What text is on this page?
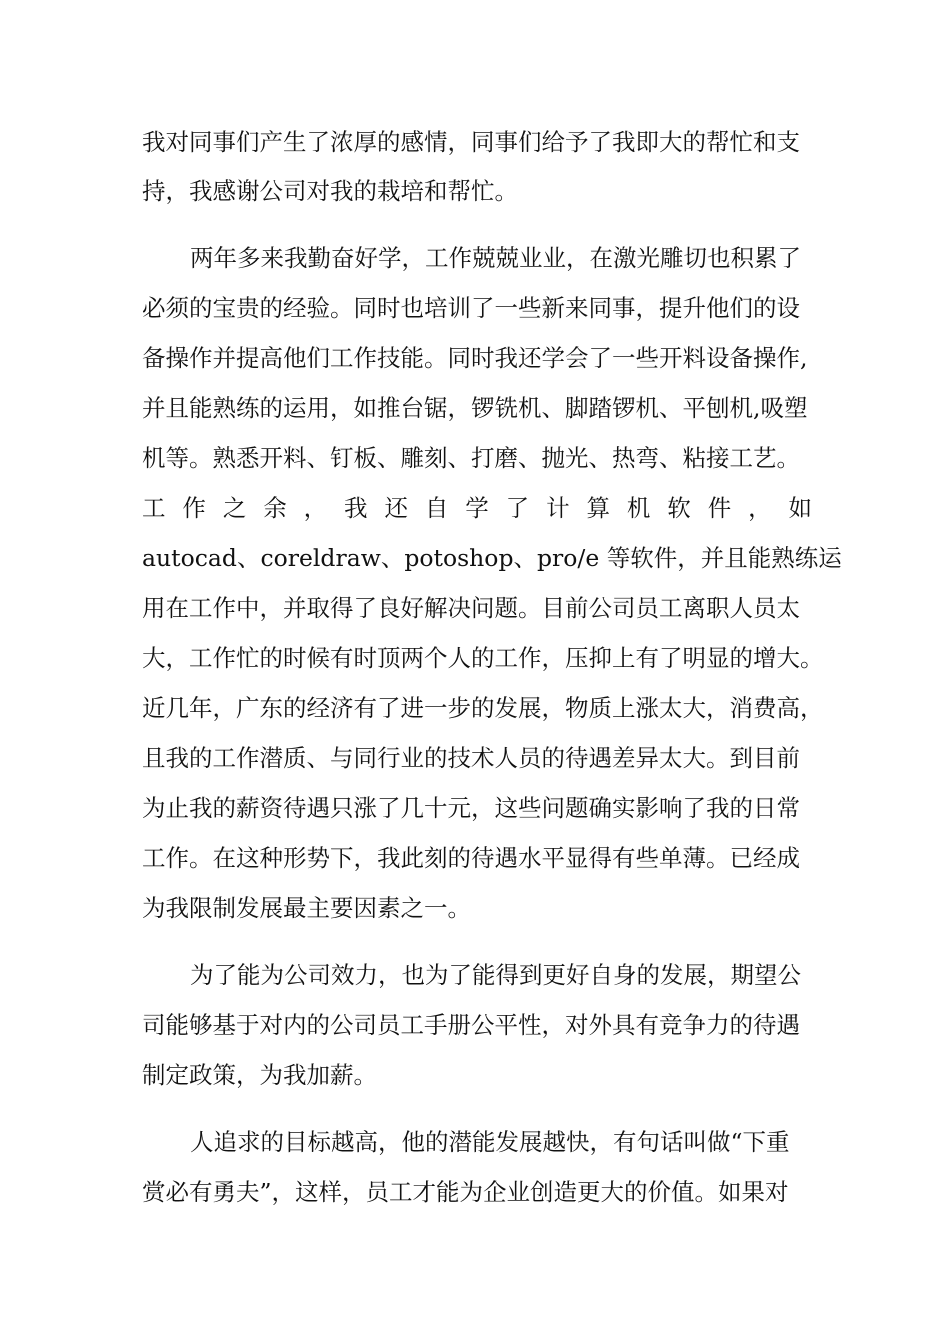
我对同事们产生了浓厚的感情，同事们给予了我即大的帮忙和支
持，我感谢公司对我的栽培和帮忙。
两年多来我勤奋好学，工作兢兢业业，在激光雕切也积累了
必须的宝贵的经验。同时也培训了一些新来同事，提升他们的设
备操作并提高他们工作技能。同时我还学会了一些开料设备操作,
并且能熟练的运用，如推台锯，锣铣机、脚踏锣机、平刨机,吸塑
机等。熟悉开料、钉板、雕刻、打磨、抛光、热弯、粘接工艺。
工 作 之 余 ， 我 还 自 学 了 计 算 机 软 件 ， 如
autocad、coreldraw、potoshop、pro/e 等软件，并且能熟练运
用在工作中，并取得了良好解决问题。目前公司员工离职人员太
大，工作忙的时候有时顶两个人的工作，压抑上有了明显的增大。
近几年，广东的经济有了进一步的发展，物质上涨太大，消费高，
且我的工作潜质、与同行业的技术人员的待遇差异太大。到目前
为止我的薪资待遇只涨了几十元，这些问题确实影响了我的日常
工作。在这种形势下，我此刻的待遇水平显得有些单薄。已经成
为我限制发展最主要因素之一。
为了能为公司效力，也为了能得到更好自身的发展，期望公
司能够基于对内的公司员工手册公平性，对外具有竞争力的待遇
制定政策，为我加薪。
人追求的目标越高，他的潜能发展越快，有句话叫做“下重
赏必有勇夫”，这样，员工才能为企业创造更大的价值。如果对
